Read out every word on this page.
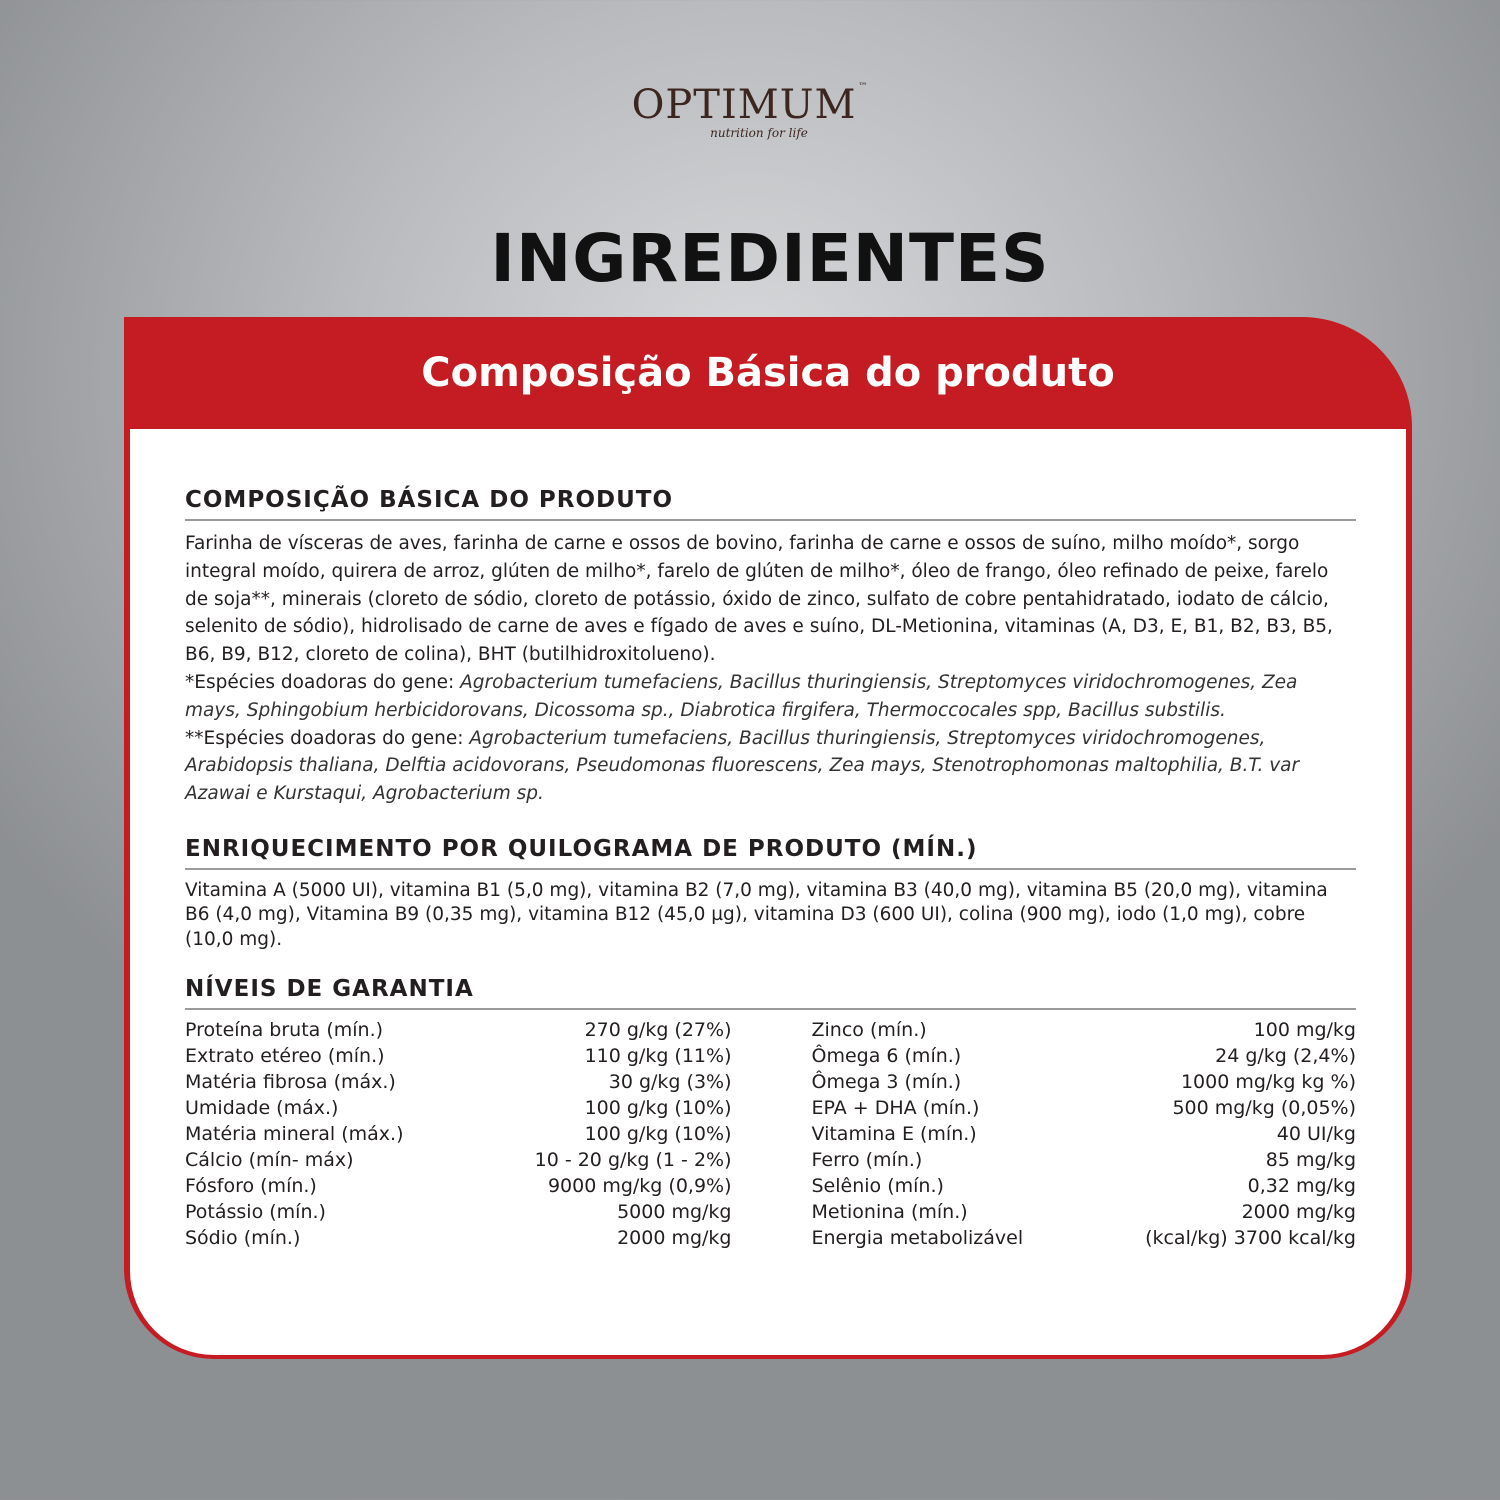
OPTIMUM ™
nutrition for life
INGREDIENTES
Composição Básica do produto
COMPOSIÇÃO BÁSICA DO PRODUTO

Farinha de vísceras de aves, farinha de carne e ossos de bovino, farinha de carne e ossos de suíno, milho moído*, sorgo integral moído, quirera de arroz, glúten de milho*, farelo de glúten de milho*, óleo de frango, óleo refinado de peixe, farelo de soja**, minerais (cloreto de sódio, cloreto de potássio, óxido de zinco, sulfato de cobre pentahidratado, iodato de cálcio, selenito de sódio), hidrolisado de carne de aves e fígado de aves e suíno, DL-Metionina, vitaminas (A, D3, E, B1, B2, B3, B5, B6, B9, B12, cloreto de colina), BHT (butilhidroxitolueno).
*Espécies doadoras do gene: Agrobacterium tumefaciens, Bacillus thuringiensis, Streptomyces viridochromogenes, Zea mays, Sphingobium herbicidorovans, Dicossoma sp., Diabrotica firgifera, Thermoccocales spp, Bacillus substilis.
**Espécies doadoras do gene: Agrobacterium tumefaciens, Bacillus thuringiensis, Streptomyces viridochromogenes, Arabidopsis thaliana, Delftia acidovorans, Pseudomonas fluorescens, Zea mays, Stenotrophomonas maltophilia, B.T. var Azawai e Kurstaqui, Agrobacterium sp.

ENRIQUECIMENTO POR QUILOGRAMA DE PRODUTO (MÍN.)

Vitamina A (5000 UI), vitamina B1 (5,0 mg), vitamina B2 (7,0 mg), vitamina B3 (40,0 mg), vitamina B5 (20,0 mg), vitamina B6 (4,0 mg), Vitamina B9 (0,35 mg), vitamina B12 (45,0 µg), vitamina D3 (600 UI), colina (900 mg), iodo (1,0 mg), cobre (10,0 mg).

NÍVEIS DE GARANTIA
Proteína bruta (mín.)	270 g/kg (27%)
Extrato etéreo (mín.)	110 g/kg (11%)
Matéria fibrosa (máx.)	30 g/kg (3%)
Umidade (máx.)	100 g/kg (10%)
Matéria mineral (máx.)	100 g/kg (10%)
Cálcio (mín- máx)	10 - 20 g/kg (1 - 2%)
Fósforo (mín.)	9000 mg/kg (0,9%)
Potássio (mín.)	5000 mg/kg
Sódio (mín.)	2000 mg/kg
Zinco (mín.)	100 mg/kg
Ômega 6 (mín.)	24 g/kg (2,4%)
Ômega 3 (mín.)	1000 mg/kg kg %)
EPA + DHA (mín.)	500 mg/kg (0,05%)
Vitamina E (mín.)	40 UI/kg
Ferro (mín.)	85 mg/kg
Selênio (mín.)	0,32 mg/kg
Metionina (mín.)	2000 mg/kg
Energia metabolizável	(kcal/kg) 3700 kcal/kg
